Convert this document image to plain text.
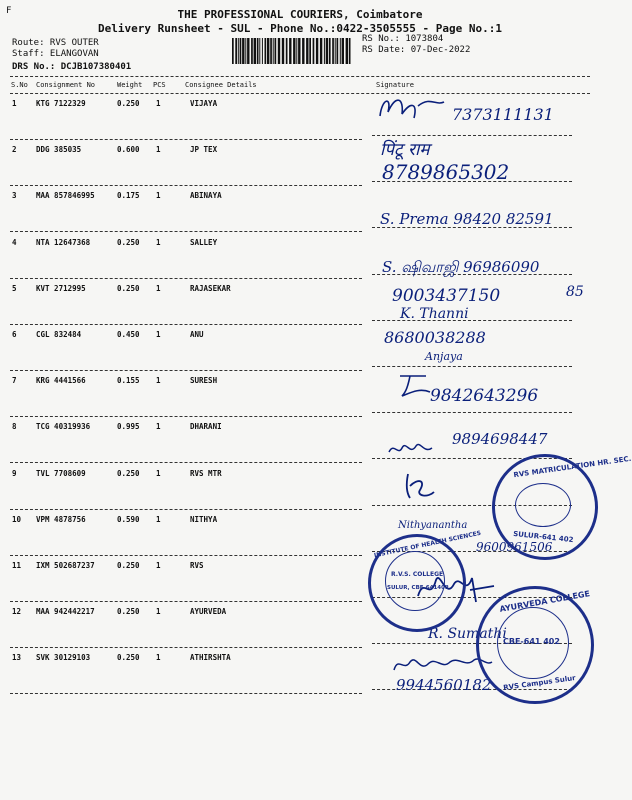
F	THE PROFESSIONAL COURIERS, Coimbatore
Delivery Runsheet - SUL - Phone No.:0422-3505555 - Page No.:1
Route: RVS OUTER
Staff: ELANGOVAN
DRS No.: DCJB107380401
RS No.: 1073804
RS Date: 07-Dec-2022
S.No Consignment No	Weight PCS	Consignee Details	Signature
1	KTG 7122329	0.250 1	VIJAYA
2	DDG 385035	0.600 1	JP TEX
3	MAA 857846995	0.175 1	ABINAYA
4	NTA 12647368	0.250 1	SALLEY
5	KVT 2712995	0.250 1	RAJASEKAR
6	CGL 832484	0.450 1	ANU
7	KRG 4441566	0.155 1	SURESH
8	TCG 40319936	0.995 1	DHARANI
9	TVL 7708609	0.250 1	RVS MTR
10 VPM 4878756	0.590 1	NITHYA
11 IXM 502687237	0.250 1	RVS
12 MAA 942442217	0.250 1	AYURVEDA
13 SVK 30129103	0.250 1	ATHIRSHTA
7373111131
पिंटू राम
8789865302
S. Prema 98420 82591
S. ஷிவாஜி 96986090
9003437150	85
K. Thanni
8680038288
Anjaya
9842643296
9894698447
Nithyanantha
9600961506
R. Sumathi
9944560182
RVS MATRICULATION HR. SEC.
SULUR-641 402
INSTITUTE OF HEALTH SCIENCES
R.V.S. COLLEGE
SULUR, CBE-641402
AYURVEDA COLLEGE
CBE-641 402
RVS Campus Sulur
